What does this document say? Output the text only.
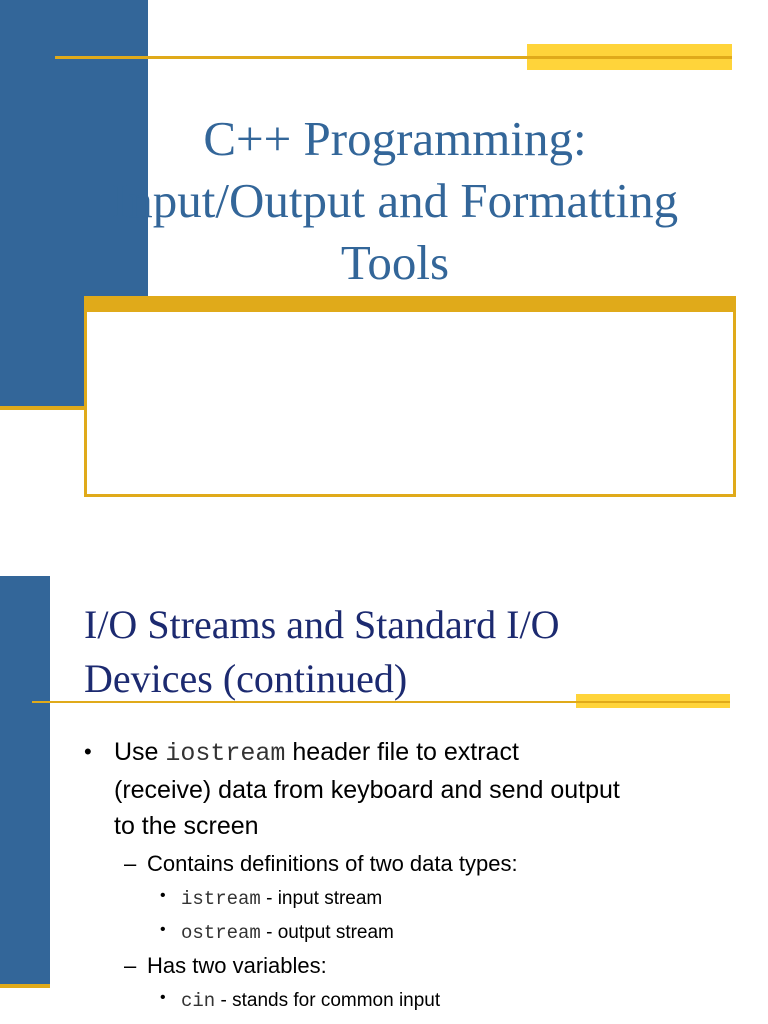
C++ Programming:
Input/Output and Formatting
Tools
I/O Streams and Standard I/O
Devices (continued)
• Use iostream header file to extract
(receive) data from keyboard and send output
to the screen
– Contains definitions of two data types:
• istream - input stream
• ostream - output stream
– Has two variables:
• cin - stands for common input
